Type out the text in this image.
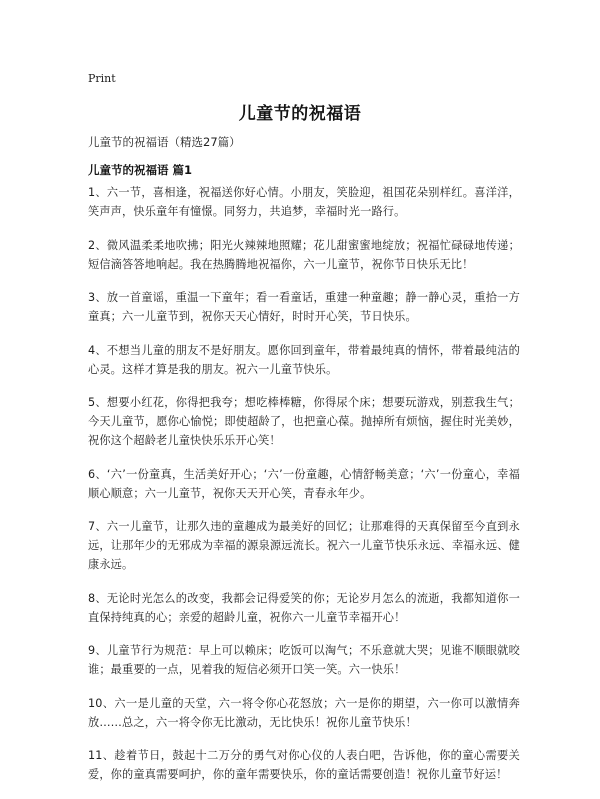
Print
儿童节的祝福语
儿童节的祝福语（精选27篇）
儿童节的祝福语 篇1

1、六一节，喜相逢，祝福送你好心情。小朋友，笑脸迎，祖国花朵别样红。喜洋洋，笑声声，快乐童年有憧憬。同努力，共追梦，幸福时光一路行。

2、微风温柔柔地吹拂；阳光火辣辣地照耀；花儿甜蜜蜜地绽放；祝福忙碌碌地传递；短信滴答答地响起。我在热腾腾地祝福你，六一儿童节，祝你节日快乐无比！

3、放一首童谣，重温一下童年；看一看童话，重建一种童趣；静一静心灵，重拾一方童真；六一儿童节到，祝你天天心情好，时时开心笑，节日快乐。

4、不想当儿童的朋友不是好朋友。愿你回到童年，带着最纯真的情怀，带着最纯洁的心灵。这样才算是我的朋友。祝六一儿童节快乐。

5、想要小红花，你得把我夸；想吃棒棒糖，你得尿个床；想要玩游戏，别惹我生气；今天儿童节，愿你心愉悦；即使超龄了，也把童心葆。抛掉所有烦恼，握住时光美妙，祝你这个超龄老儿童快快乐乐开心笑！

6、‘六’一份童真，生活美好开心；‘六’一份童趣，心情舒畅美意；‘六’一份童心，幸福顺心顺意；六一儿童节，祝你天天开心笑，青春永年少。

7、六一儿童节，让那久违的童趣成为最美好的回忆；让那难得的天真保留至今直到永远，让那年少的无邪成为幸福的源泉源远流长。祝六一儿童节快乐永远、幸福永远、健康永远。

8、无论时光怎么的改变，我都会记得爱笑的你；无论岁月怎么的流逝，我都知道你一直保持纯真的心；亲爱的超龄儿童，祝你六一儿童节幸福开心！

9、儿童节行为规范：早上可以赖床；吃饭可以淘气；不乐意就大哭；见谁不顺眼就咬谁；最重要的一点，见着我的短信必须开口笑一笑。六一快乐！

10、六一是儿童的天堂，六一将令你心花怒放；六一是你的期望，六一你可以激情奔放……总之，六一将令你无比激动，无比快乐！祝你儿童节快乐！

11、趁着节日，鼓起十二万分的勇气对你心仪的人表白吧，告诉他，你的童心需要关爱，你的童真需要呵护，你的童年需要快乐，你的童话需要创造！祝你儿童节好运！
